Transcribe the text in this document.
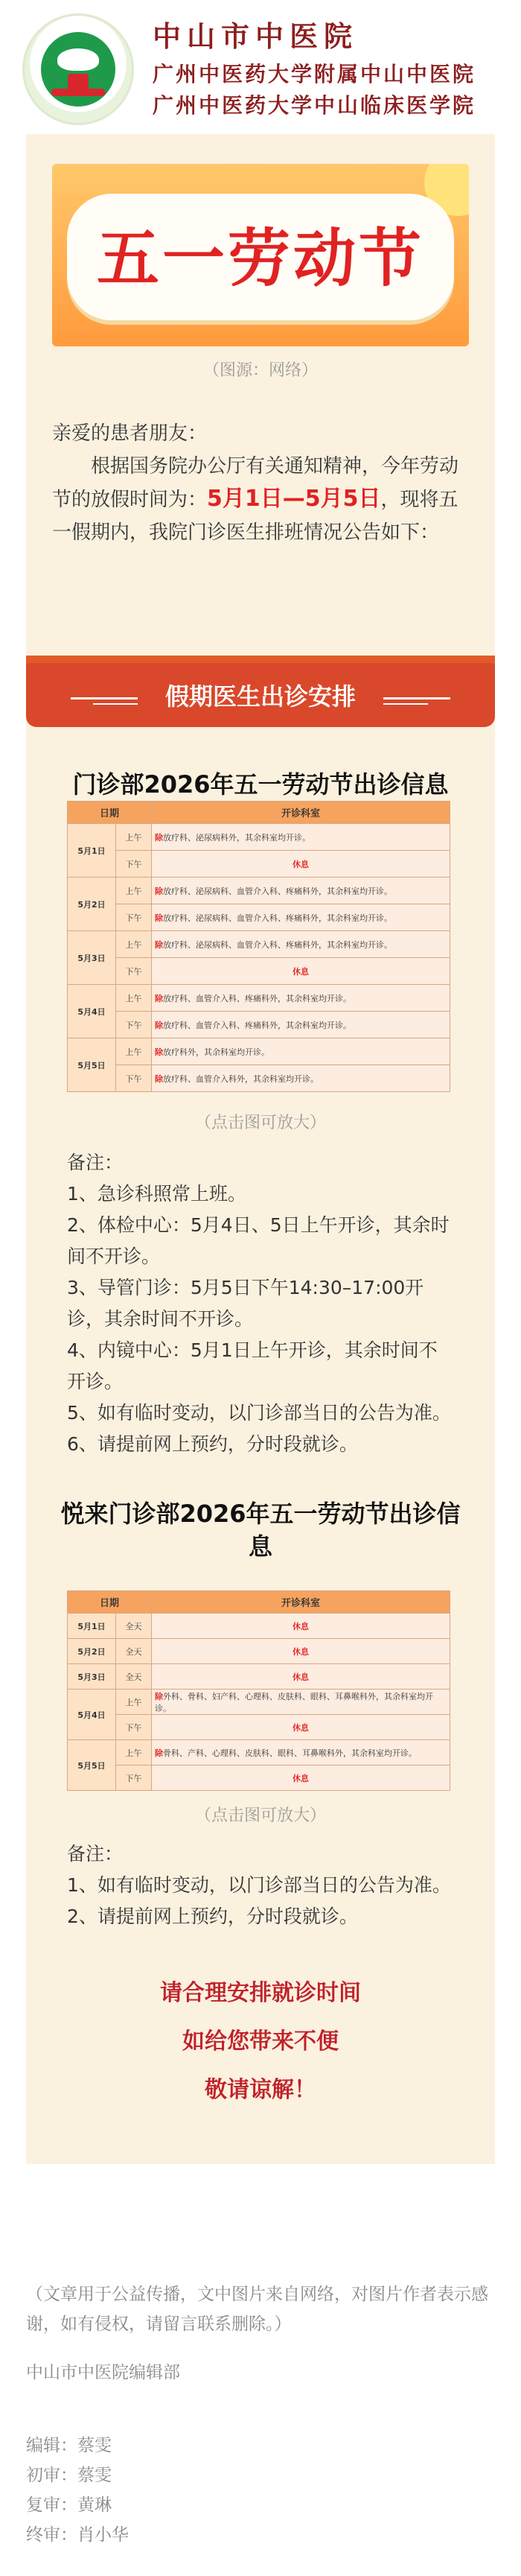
中山市中医院
广州中医药大学附属中山中医院
广州中医药大学中山临床医学院
五一劳动节
（图源：网络）
亲爱的患者朋友：
根据国务院办公厅有关通知精神，今年劳动节的放假时间为：5月1日—5月5日，现将五一假期内，我院门诊医生排班情况公告如下：
假期医生出诊安排
门诊部2026年五一劳动节出诊信息
日期		开诊科室
5月1日	上午	除放疗科、泌尿病科外，其余科室均开诊。
	下午	休息
5月2日	上午	除放疗科、泌尿病科、血管介入科、疼痛科外，其余科室均开诊。
	下午	除放疗科、泌尿病科、血管介入科、疼痛科外，其余科室均开诊。
5月3日	上午	除放疗科、泌尿病科、血管介入科、疼痛科外，其余科室均开诊。
	下午	休息
5月4日	上午	除放疗科、血管介入科、疼痛科外，其余科室均开诊。
	下午	除放疗科、血管介入科、疼痛科外，其余科室均开诊。
5月5日	上午	除放疗科外，其余科室均开诊。
	下午	除放疗科、血管介入科外，其余科室均开诊。
（点击图可放大）
备注：
1、急诊科照常上班。
2、体检中心：5月4日、5日上午开诊，其余时间不开诊。
3、导管门诊：5月5日下午14:30–17:00开诊，其余时间不开诊。
4、内镜中心：5月1日上午开诊，其余时间不开诊。
5、如有临时变动，以门诊部当日的公告为准。
6、请提前网上预约，分时段就诊。
悦来门诊部2026年五一劳动节出诊信息
日期		开诊科室
5月1日	全天	休息
5月2日	全天	休息
5月3日	全天	休息
5月4日	上午	除外科、骨科、妇产科、心理科、皮肤科、眼科、耳鼻喉科外，其余科室均开诊。
	下午	休息
5月5日	上午	除骨科、产科、心理科、皮肤科、眼科、耳鼻喉科外，其余科室均开诊。
	下午	休息
（点击图可放大）
备注：
1、如有临时变动，以门诊部当日的公告为准。
2、请提前网上预约，分时段就诊。
请合理安排就诊时间
如给您带来不便
敬请谅解！
（文章用于公益传播，文中图片来自网络，对图片作者表示感谢，如有侵权，请留言联系删除。）
中山市中医院编辑部
编辑：蔡雯
初审：蔡雯
复审：黄琳
终审：肖小华
